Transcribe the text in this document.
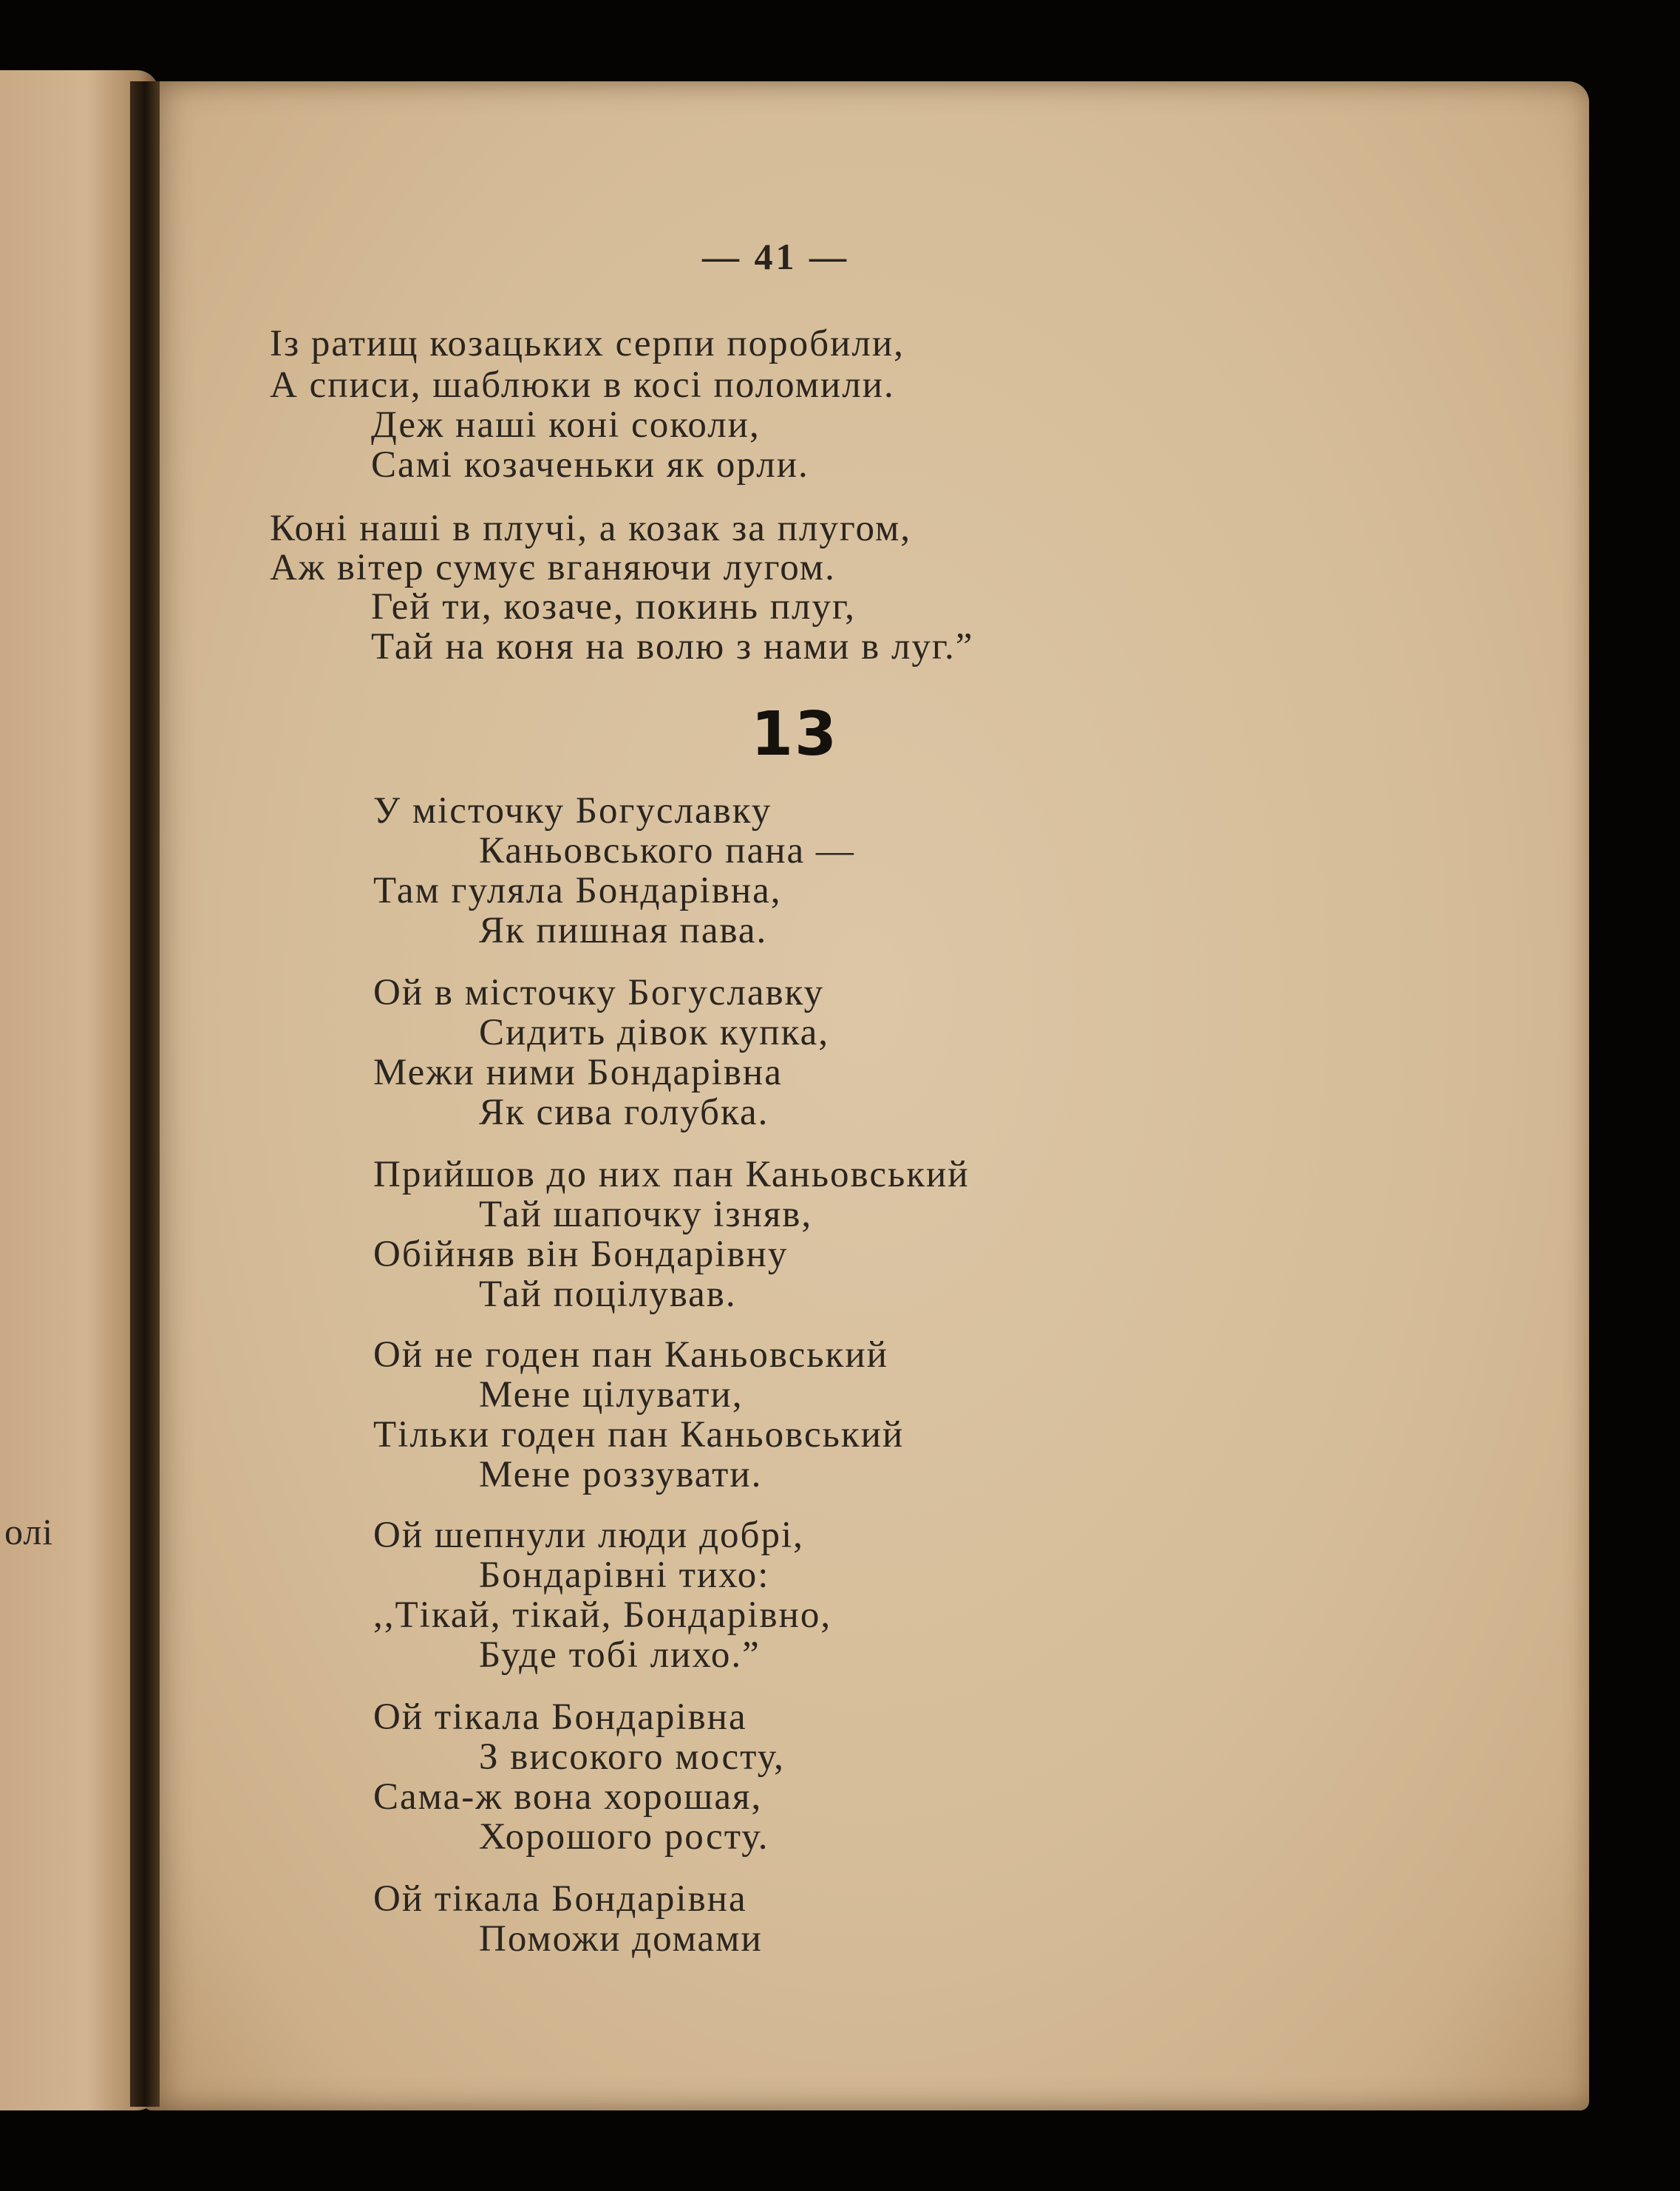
олі
— 41 —
Із ратищ козацьких серпи поробили,
А списи, шаблюки в косі поломили.
Деж наші коні соколи,
Самі козаченьки як орли.
Коні наші в плучі, а козак за плугом,
Аж вітер сумує вганяючи лугом.
Гей ти, козаче, покинь плуг,
Тай на коня на волю з нами в луг.”
13
У місточку Богуславку
Каньовського пана —
Там гуляла Бондарівна,
Як пишная пава.
Ой в місточку Богуславку
Сидить дівок купка,
Межи ними Бондарівна
Як сива голубка.
Прийшов до них пан Каньовський
Тай шапочку ізняв,
Обійняв він Бондарівну
Тай поцілував.
Ой не годен пан Каньовський
Мене цілувати,
Тільки годен пан Каньовський
Мене роззувати.
Ой шепнули люди добрі,
Бондарівні тихо:
,,Тікай, тікай, Бондарівно,
Буде тобі лихо.”
Ой тікала Бондарівна
З високого мосту,
Сама-ж вона хорошая,
Хорошого росту.
Ой тікала Бондарівна
Поможи домами
